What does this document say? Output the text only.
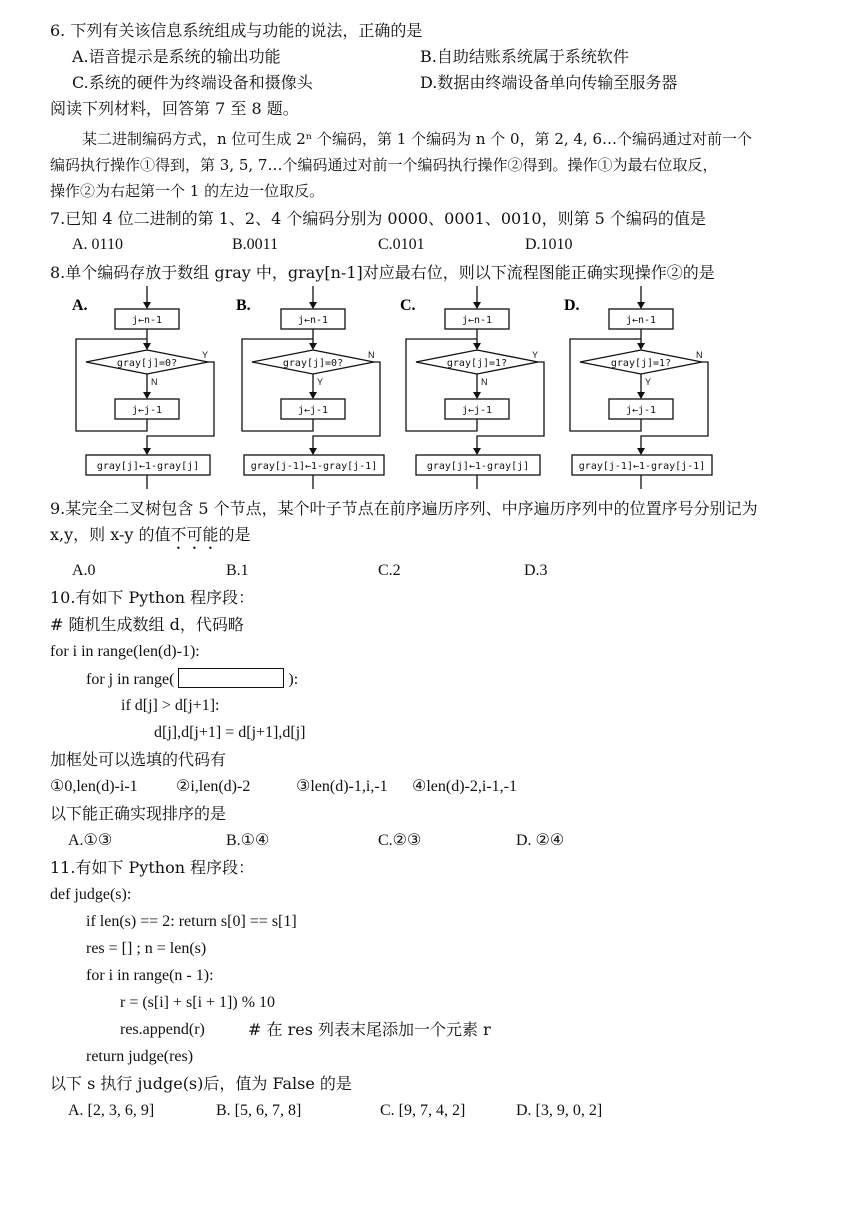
6. 下列有关该信息系统组成与功能的说法，正确的是
A.语音提示是系统的输出功能	B.自助结账系统属于系统软件
C.系统的硬件为终端设备和摄像头	D.数据由终端设备单向传输至服务器
阅读下列材料，回答第 7 至 8 题。
某二进制编码方式，n 位可生成 2ⁿ 个编码，第 1 个编码为 n 个 0，第 2, 4, 6…个编码通过对前一个
编码执行操作①得到，第 3, 5, 7…个编码通过对前一个编码执行操作②得到。操作①为最右位取反，
操作②为右起第一个 1 的左边一位取反。
7.已知 4 位二进制的第 1、2、4 个编码分别为 0000、0001、0010，则第 5 个编码的值是
A. 0110	B.0011	C.0101	D.1010
8.单个编码存放于数组 gray 中，gray[n-1]对应最右位，则以下流程图能正确实现操作②的是
A.
j←n-1
gray[j]=0?
N
j←j-1
Y
gray[j]←1-gray[j]
B.
j←n-1
gray[j]=0?
Y
j←j-1
N
gray[j-1]←1-gray[j-1]
C.
j←n-1
gray[j]=1?
N
j←j-1
Y
gray[j]←1-gray[j]
D.
j←n-1
gray[j]=1?
Y
j←j-1
N
gray[j-1]←1-gray[j-1]
9.某完全二叉树包含 5 个节点，某个叶子节点在前序遍历序列、中序遍历序列中的位置序号分别记为
x,y，则 x-y 的值不可能的是
A.0	B.1	C.2	D.3
10.有如下 Python 程序段：
# 随机生成数组 d，代码略
for i in range(len(d)-1):
for j in range(	):
if d[j] > d[j+1]:
d[j],d[j+1] = d[j+1],d[j]
加框处可以选填的代码有
①0,len(d)-i-1 ②i,len(d)-2	③len(d)-1,i,-1 ④len(d)-2,i-1,-1
以下能正确实现排序的是
A.①③	B.①④	C.②③	D. ②④
11.有如下 Python 程序段：
def judge(s):
if len(s) == 2: return s[0] == s[1]
res = [] ; n = len(s)
for i in range(n - 1):
r = (s[i] + s[i + 1]) % 10
res.append(r)	# 在 res 列表末尾添加一个元素 r
return judge(res)
以下 s 执行 judge(s)后，值为 False 的是
A. [2, 3, 6, 9]	B. [5, 6, 7, 8]	C. [9, 7, 4, 2]	D. [3, 9, 0, 2]
